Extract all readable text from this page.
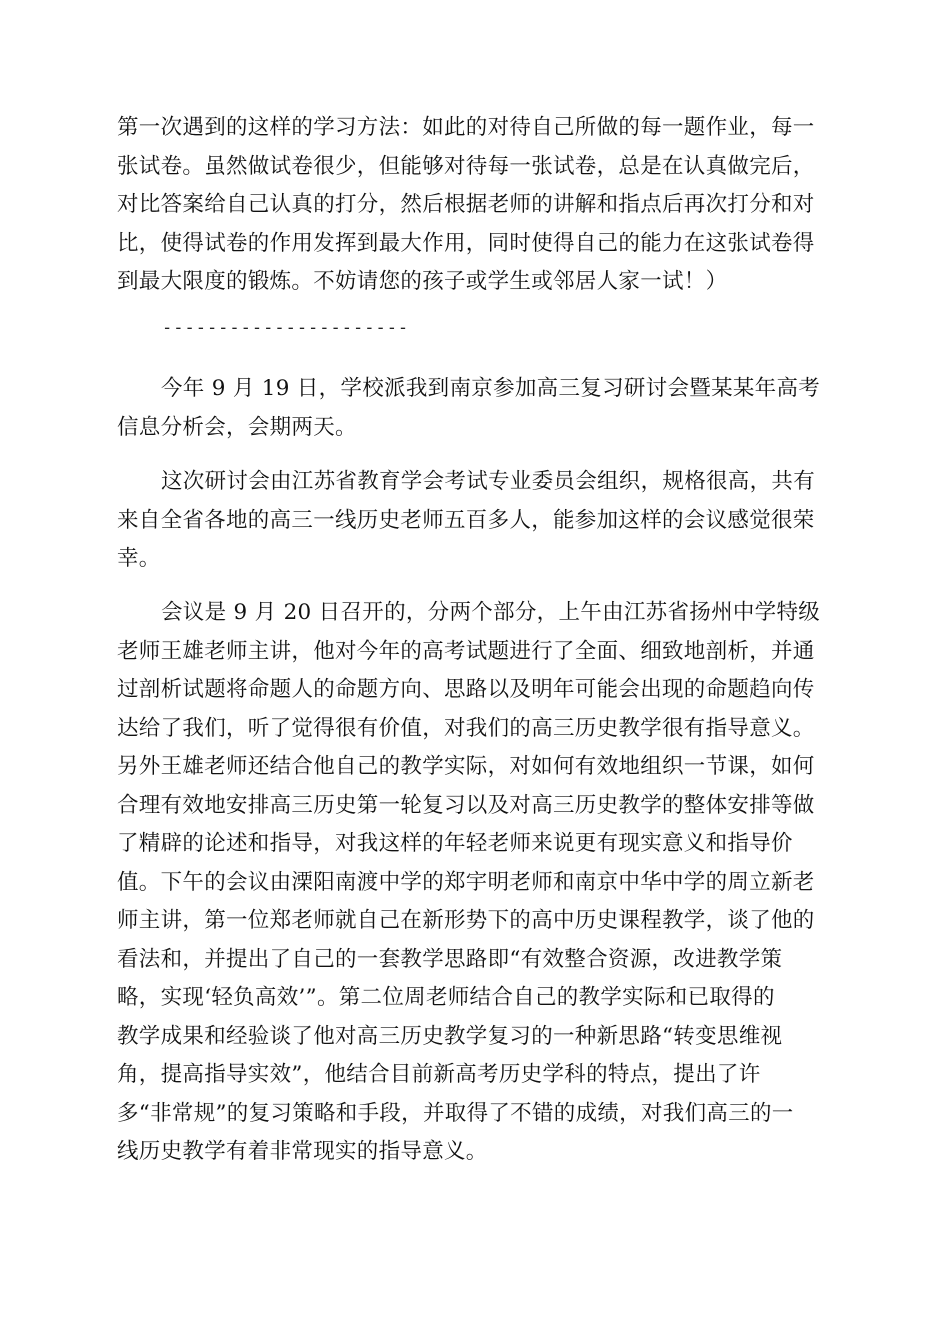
第一次遇到的这样的学习方法：如此的对待自己所做的每一题作业，每一
张试卷。虽然做试卷很少，但能够对待每一张试卷，总是在认真做完后，
对比答案给自己认真的打分，然后根据老师的讲解和指点后再次打分和对
比，使得试卷的作用发挥到最大作用，同时使得自己的能力在这张试卷得
到最大限度的锻炼。不妨请您的孩子或学生或邻居人家一试！）
----------------------
今年 9 月 19 日，学校派我到南京参加高三复习研讨会暨某某年高考
信息分析会，会期两天。
这次研讨会由江苏省教育学会考试专业委员会组织，规格很高，共有
来自全省各地的高三一线历史老师五百多人，能参加这样的会议感觉很荣
幸。
会议是 9 月 20 日召开的，分两个部分，上午由江苏省扬州中学特级
老师王雄老师主讲，他对今年的高考试题进行了全面、细致地剖析，并通
过剖析试题将命题人的命题方向、思路以及明年可能会出现的命题趋向传
达给了我们，听了觉得很有价值，对我们的高三历史教学很有指导意义。
另外王雄老师还结合他自己的教学实际，对如何有效地组织一节课，如何
合理有效地安排高三历史第一轮复习以及对高三历史教学的整体安排等做
了精辟的论述和指导，对我这样的年轻老师来说更有现实意义和指导价
值。下午的会议由溧阳南渡中学的郑宇明老师和南京中华中学的周立新老
师主讲，第一位郑老师就自己在新形势下的高中历史课程教学，谈了他的
看法和，并提出了自己的一套教学思路即“有效整合资源，改进教学策
略，实现‘轻负高效’”。第二位周老师结合自己的教学实际和已取得的
教学成果和经验谈了他对高三历史教学复习的一种新思路“转变思维视
角，提高指导实效”，他结合目前新高考历史学科的特点，提出了许
多“非常规”的复习策略和手段，并取得了不错的成绩，对我们高三的一
线历史教学有着非常现实的指导意义。
